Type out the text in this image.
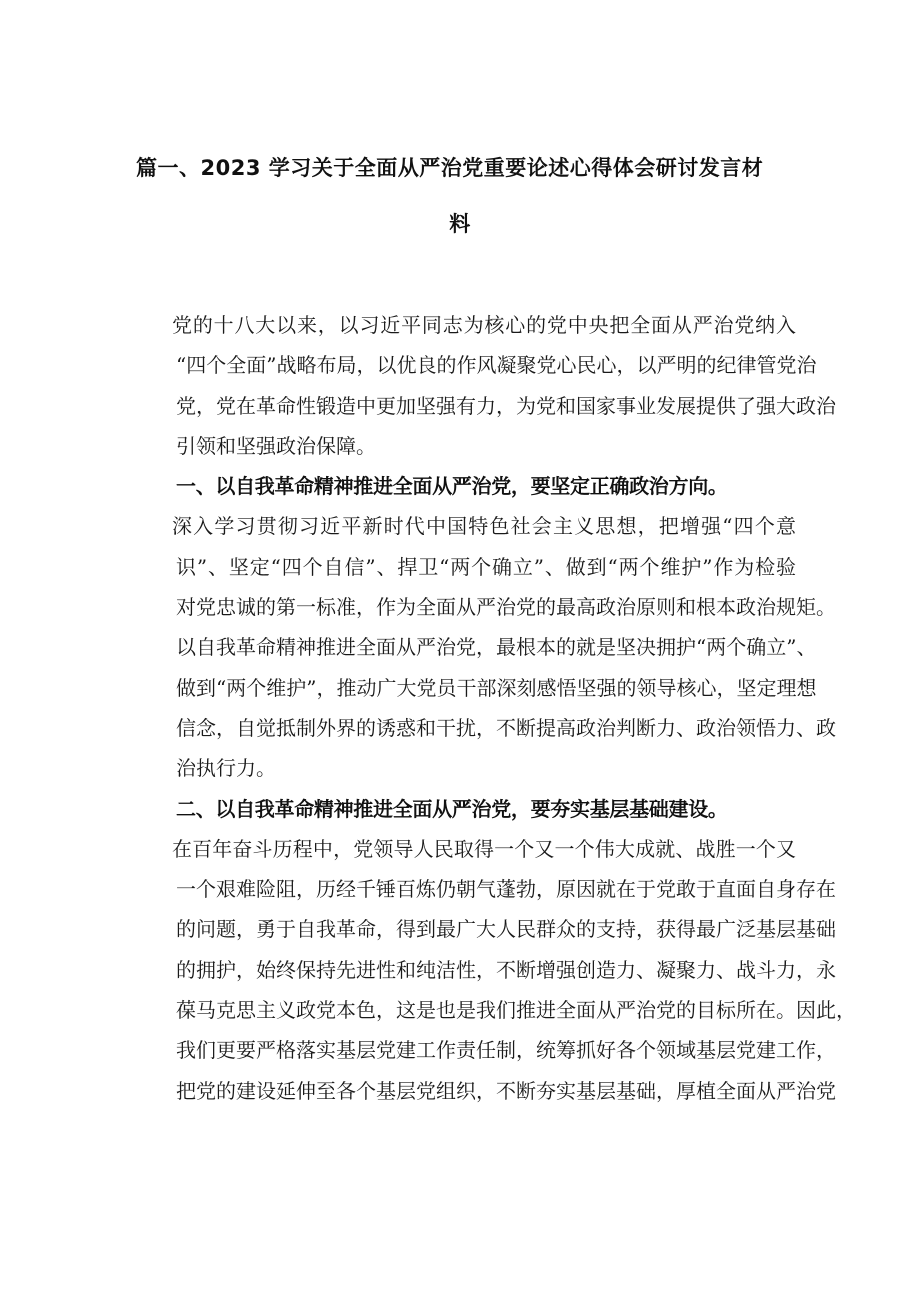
篇一、2023 学习关于全面从严治党重要论述心得体会研讨发言材
料
党的十八大以来，以习近平同志为核心的党中央把全面从严治党纳入
“四个全面”战略布局，以优良的作风凝聚党心民心，以严明的纪律管党治
党，党在革命性锻造中更加坚强有力，为党和国家事业发展提供了强大政治
引领和坚强政治保障。
一、以自我革命精神推进全面从严治党，要坚定正确政治方向。
深入学习贯彻习近平新时代中国特色社会主义思想，把增强“四个意
识”、坚定“四个自信”、捍卫“两个确立”、做到“两个维护”作为检验
对党忠诚的第一标准，作为全面从严治党的最高政治原则和根本政治规矩。
以自我革命精神推进全面从严治党，最根本的就是坚决拥护“两个确立”、
做到“两个维护”，推动广大党员干部深刻感悟坚强的领导核心，坚定理想
信念，自觉抵制外界的诱惑和干扰，不断提高政治判断力、政治领悟力、政
治执行力。
二、以自我革命精神推进全面从严治党，要夯实基层基础建设。
在百年奋斗历程中，党领导人民取得一个又一个伟大成就、战胜一个又
一个艰难险阻，历经千锤百炼仍朝气蓬勃，原因就在于党敢于直面自身存在
的问题，勇于自我革命，得到最广大人民群众的支持，获得最广泛基层基础
的拥护，始终保持先进性和纯洁性，不断增强创造力、凝聚力、战斗力，永
葆马克思主义政党本色，这是也是我们推进全面从严治党的目标所在。因此，
我们更要严格落实基层党建工作责任制，统筹抓好各个领域基层党建工作，
把党的建设延伸至各个基层党组织，不断夯实基层基础，厚植全面从严治党
